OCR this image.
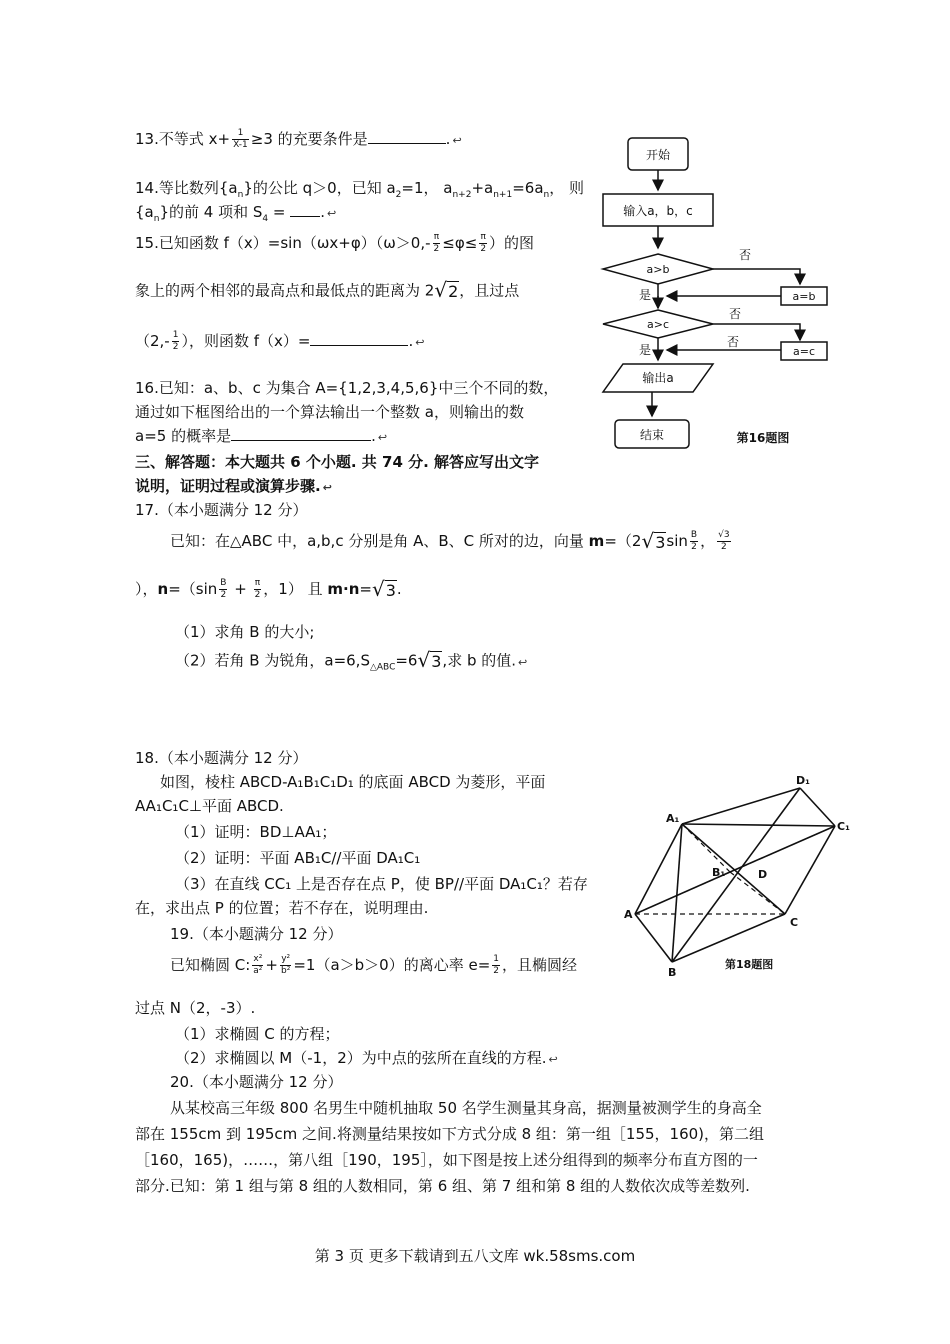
13.不等式 $x+ \frac{1}{X-1} \ge 3$ 的充要条件是	. ↩
14.等比数列$\{a_n\}$的公比 q＞0，已知 $a_2=1$， $a_{n+2}+a_{n+1}=6a_n$， 则
$\{a_n\}$的前 4 项和 $S_4$ = . ↩
15.已知函数 $f(x)=\sin(\omega x+\varphi)(\omega>0,- \frac{\pi}{2} \le\varphi\le \frac{\pi}{2}$ ）的图
象上的两个相邻的最高点和最低点的距离为 2√2，且过点
（$2,- \frac{1}{2}$ ），则函数 f（x）=	. ↩
16.已知：a、b、c 为集合 A={1,2,3,4,5,6}中三个不同的数，
通过如下框图给出的一个算法输出一个整数 a，则输出的数
a=5 的概率是	. ↩
三、解答题：本大题共 6 个小题. 共 74 分. 解答应写出文字
说明，证明过程或演算步骤. ↩
17.（本小题满分 12 分）
已知：在△ABC 中，a,b,c 分别是角 A、B、C 所对的边，向量 $m=(2√3\sin \frac{B}{2}$ ， $\frac{√3}{2}$
），$n=(\sin \frac{B}{2} + \frac{\pi}{2}$ ，1） 且 m·n=√3.
（1）求角 B 的大小;
（2）若角 B 为锐角，$a=6,S_{\triangle ABC}=6√3$,求 b 的值. ↩
18.（本小题满分 12 分）
如图，棱柱 ABCD-A₁B₁C₁D₁ 的底面 ABCD 为菱形，平面
AA₁C₁C⊥平面 ABCD.
（1）证明：BD⊥AA₁；
（2）证明：平面 AB₁C//平面 DA₁C₁
（3）在直线 CC₁ 上是否存在点 P，使 BP//平面 DA₁C₁？若存
在，求出点 P 的位置；若不存在，说明理由.
19.（本小题满分 12 分）
已知椭圆 C: $\frac{\text{x²}}{\text{a²}} + \frac{\text{y²}}{\text{b²}} =1(a>b>0)$的离心率 $e= \frac{1}{2}$ ，且椭圆经
过点 N（2，-3）.
（1）求椭圆 C 的方程；
（2）求椭圆以 M（-1，2）为中点的弦所在直线的方程. ↩
20.（本小题满分 12 分）
从某校高三年级 800 名男生中随机抽取 50 名学生测量其身高，据测量被测学生的身高全
部在 155cm 到 195cm 之间.将测量结果按如下方式分成 8 组：第一组［155，160)，第二组
［160，165)，……，第八组［190，195］，如下图是按上述分组得到的频率分布直方图的一
部分.已知：第 1 组与第 8 组的人数相同，第 6 组、第 7 组和第 8 组的人数依次成等差数列.
第 3 页 更多下载请到五八文库 wk.58sms.com
开始
输入a，b，c
a>b
否
是	a=b
a>c
否
否
是	a=c
输出a
结束	第16题图
A₁
D₁
C₁
B₁	D
A
C
B
第18题图
